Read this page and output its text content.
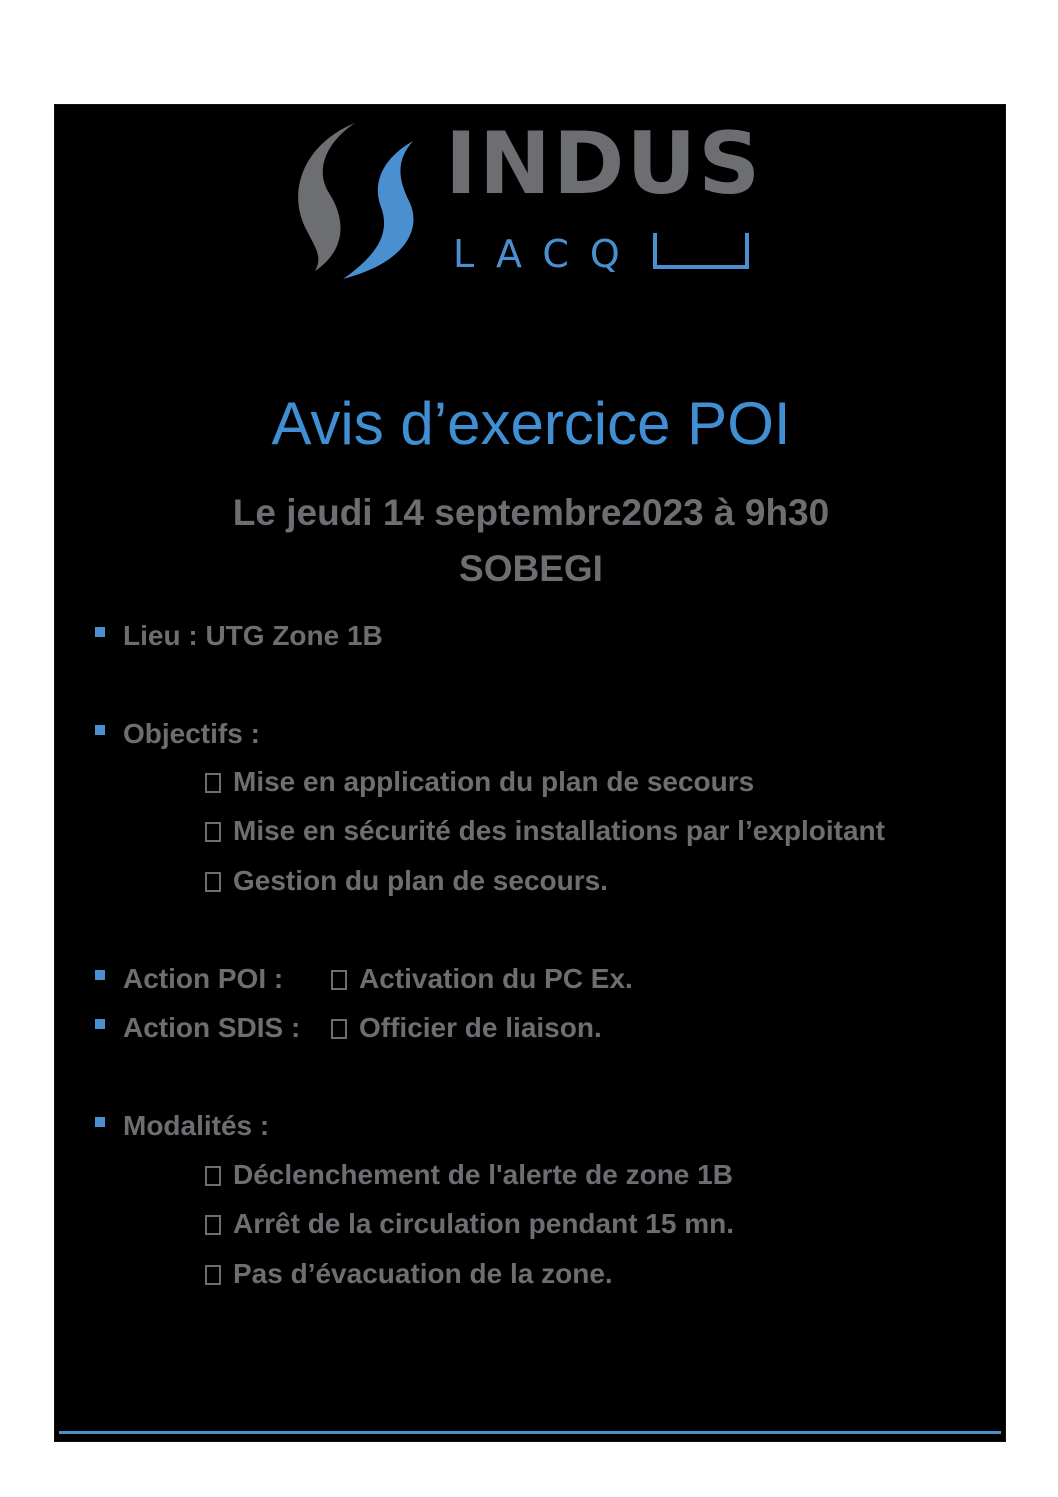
INDUS
LACQ
Avis d’exercice POI
Le jeudi 14 septembre2023 à 9h30
SOBEGI
Lieu : UTG Zone 1B
Objectifs :
Mise en application du plan de secours
Mise en sécurité des installations par l’exploitant
Gestion du plan de secours.
Action POI :	Activation du PC Ex.
Action SDIS :	Officier de liaison.
Modalités :
Déclenchement de l'alerte de zone 1B
Arrêt de la circulation pendant 15 mn.
Pas d’évacuation de la zone.
